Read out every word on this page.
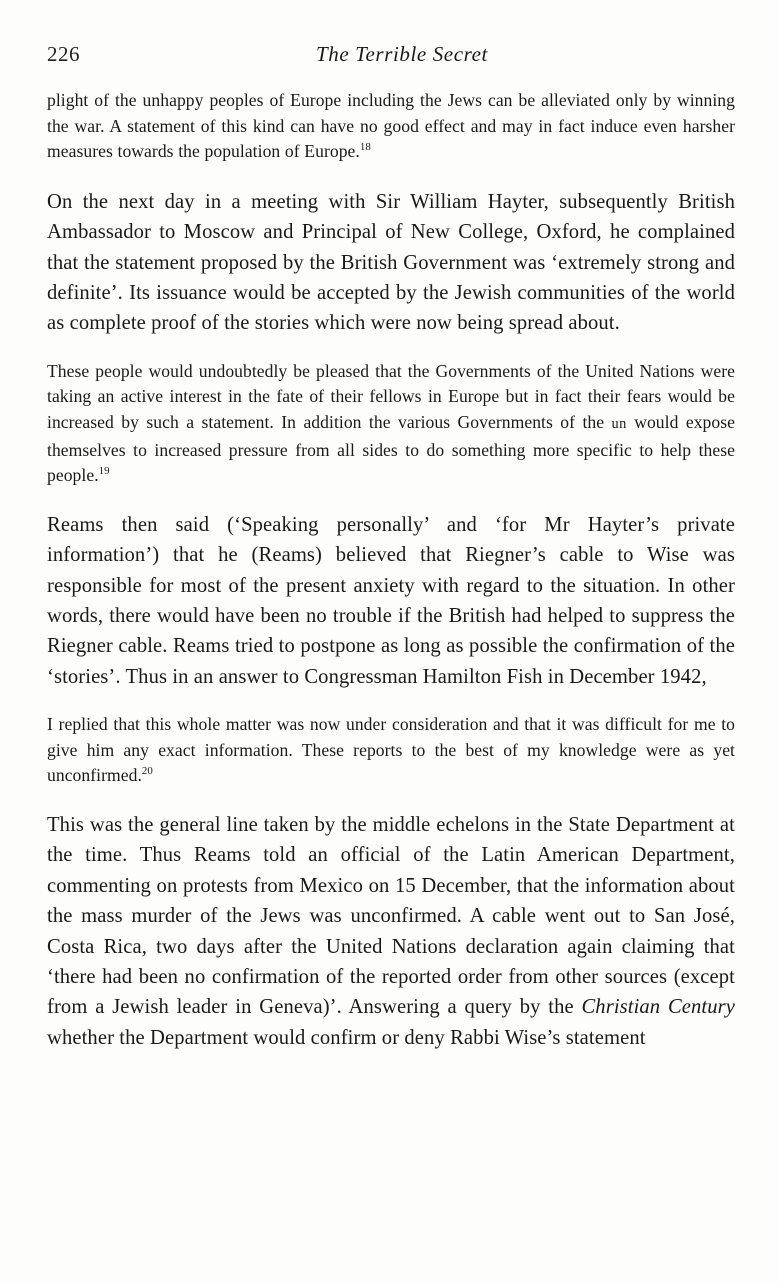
226	The Terrible Secret

plight of the unhappy peoples of Europe including the Jews can be alleviated only by winning the war. A statement of this kind can have no good effect and may in fact induce even harsher measures towards the population of Europe.$^{18}$

On the next day in a meeting with Sir William Hayter, subsequently British Ambassador to Moscow and Principal of New College, Oxford, he complained that the statement proposed by the British Government was ‘extremely strong and definite’. Its issuance would be accepted by the Jewish communities of the world as complete proof of the stories which were now being spread about.

These people would undoubtedly be pleased that the Governments of the United Nations were taking an active interest in the fate of their fellows in Europe but in fact their fears would be increased by such a statement. In addition the various Governments of the un would expose themselves to increased pressure from all sides to do something more specific to help these people.$^{19}$

Reams then said (‘Speaking personally’ and ‘for Mr Hayter’s private information’) that he (Reams) believed that Riegner’s cable to Wise was responsible for most of the present anxiety with regard to the situation. In other words, there would have been no trouble if the British had helped to suppress the Riegner cable. Reams tried to postpone as long as possible the confirmation of the ‘stories’. Thus in an answer to Congressman Hamilton Fish in December 1942,

I replied that this whole matter was now under consideration and that it was difficult for me to give him any exact information. These reports to the best of my knowledge were as yet unconfirmed.$^{20}$

This was the general line taken by the middle echelons in the State Department at the time. Thus Reams told an official of the Latin American Department, commenting on protests from Mexico on 15 December, that the information about the mass murder of the Jews was unconfirmed. A cable went out to San José, Costa Rica, two days after the United Nations declaration again claiming that ‘there had been no confirmation of the reported order from other sources (except from a Jewish leader in Geneva)’. Answering a query by the Christian Century whether the Department would confirm or deny Rabbi Wise’s statement
